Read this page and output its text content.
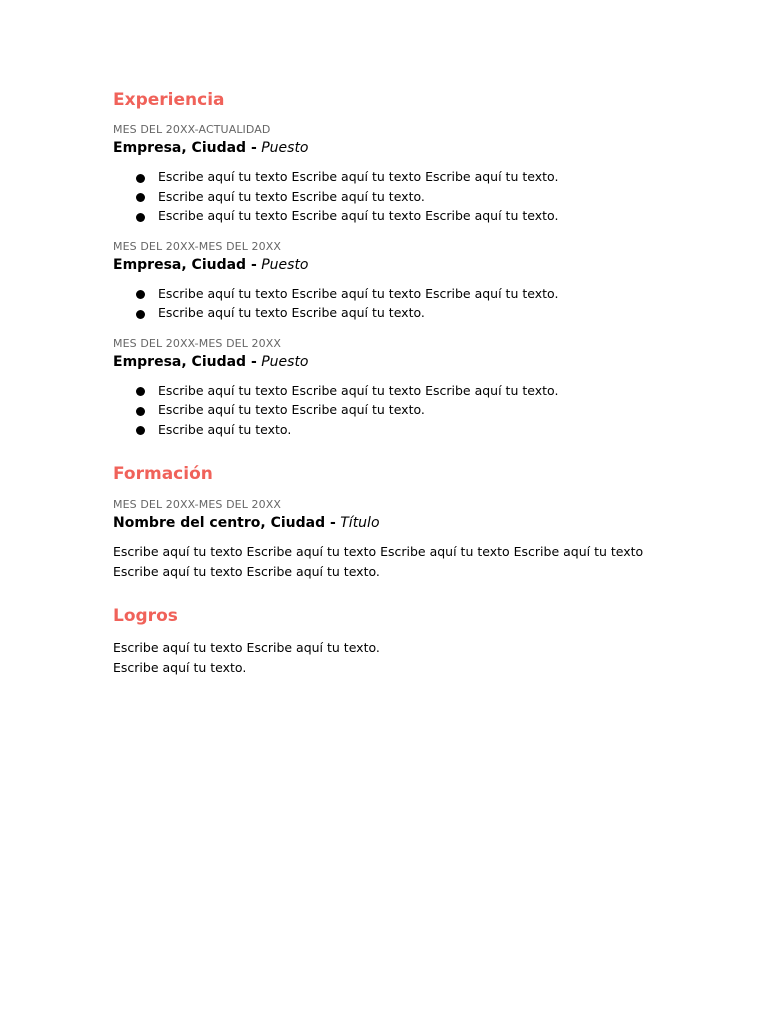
Experiencia

MES DEL 20XX-ACTUALIDAD

Empresa, Ciudad - Puesto

Escribe aquí tu texto Escribe aquí tu texto Escribe aquí tu texto.
Escribe aquí tu texto Escribe aquí tu texto.
Escribe aquí tu texto Escribe aquí tu texto Escribe aquí tu texto.

MES DEL 20XX-MES DEL 20XX

Empresa, Ciudad - Puesto

Escribe aquí tu texto Escribe aquí tu texto Escribe aquí tu texto.
Escribe aquí tu texto Escribe aquí tu texto.

MES DEL 20XX-MES DEL 20XX

Empresa, Ciudad - Puesto

Escribe aquí tu texto Escribe aquí tu texto Escribe aquí tu texto.
Escribe aquí tu texto Escribe aquí tu texto.
Escribe aquí tu texto.
Formación

MES DEL 20XX-MES DEL 20XX

Nombre del centro, Ciudad - Título

Escribe aquí tu texto Escribe aquí tu texto Escribe aquí tu texto Escribe aquí tu texto
Escribe aquí tu texto Escribe aquí tu texto.

Logros

Escribe aquí tu texto Escribe aquí tu texto.
Escribe aquí tu texto.
